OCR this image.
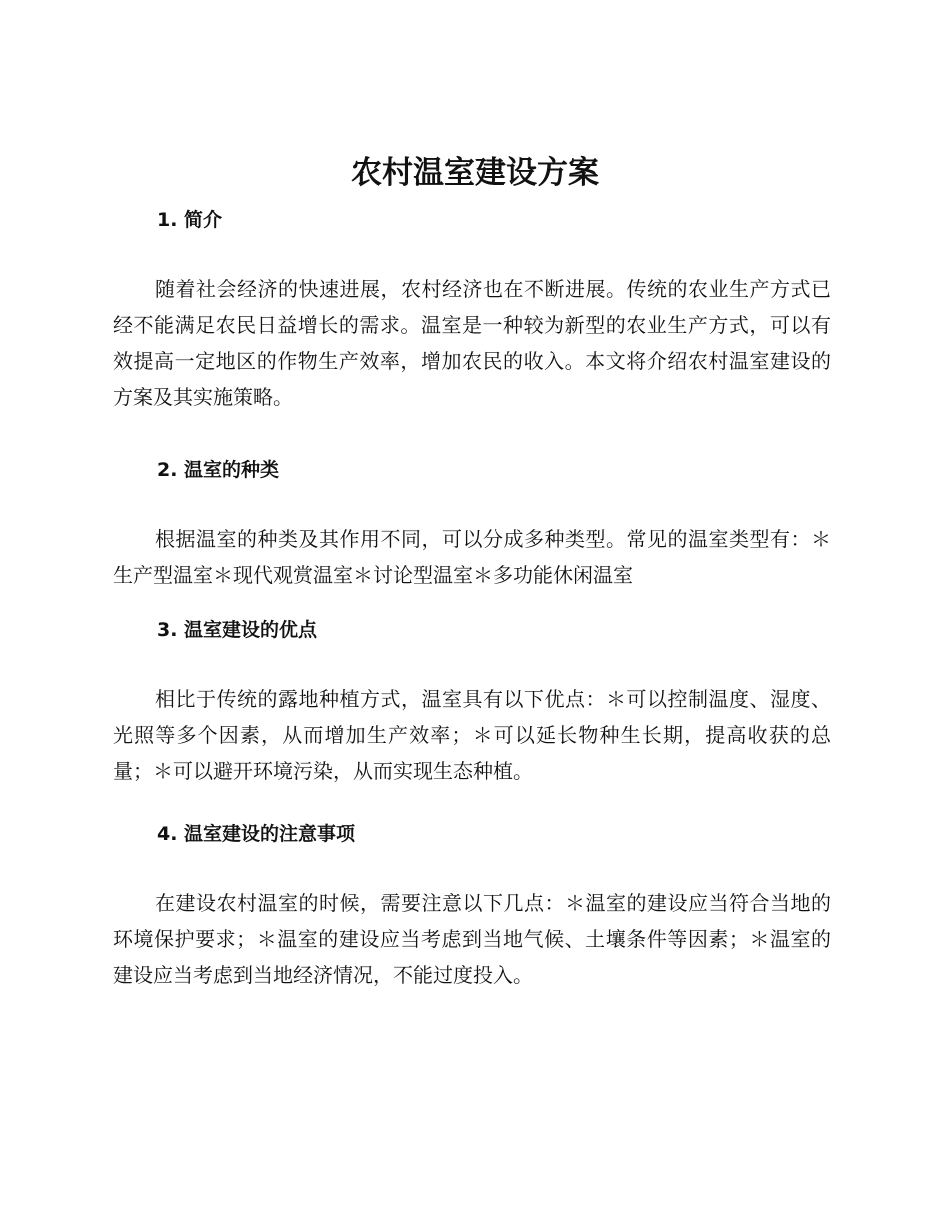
农村温室建设方案
1. 简介

随着社会经济的快速进展，农村经济也在不断进展。传统的农业生产方式已经不能满足农民日益增长的需求。温室是一种较为新型的农业生产方式，可以有效提高一定地区的作物生产效率，增加农民的收入。本文将介绍农村温室建设的方案及其实施策略。

2. 温室的种类

根据温室的种类及其作用不同，可以分成多种类型。常见的温室类型有：＊生产型温室＊现代观赏温室＊讨论型温室＊多功能休闲温室

3. 温室建设的优点

相比于传统的露地种植方式，温室具有以下优点：＊可以控制温度、湿度、光照等多个因素，从而增加生产效率；＊可以延长物种生长期，提高收获的总量；＊可以避开环境污染，从而实现生态种植。

4. 温室建设的注意事项

在建设农村温室的时候，需要注意以下几点：＊温室的建设应当符合当地的环境保护要求；＊温室的建设应当考虑到当地气候、土壤条件等因素；＊温室的建设应当考虑到当地经济情况，不能过度投入。
